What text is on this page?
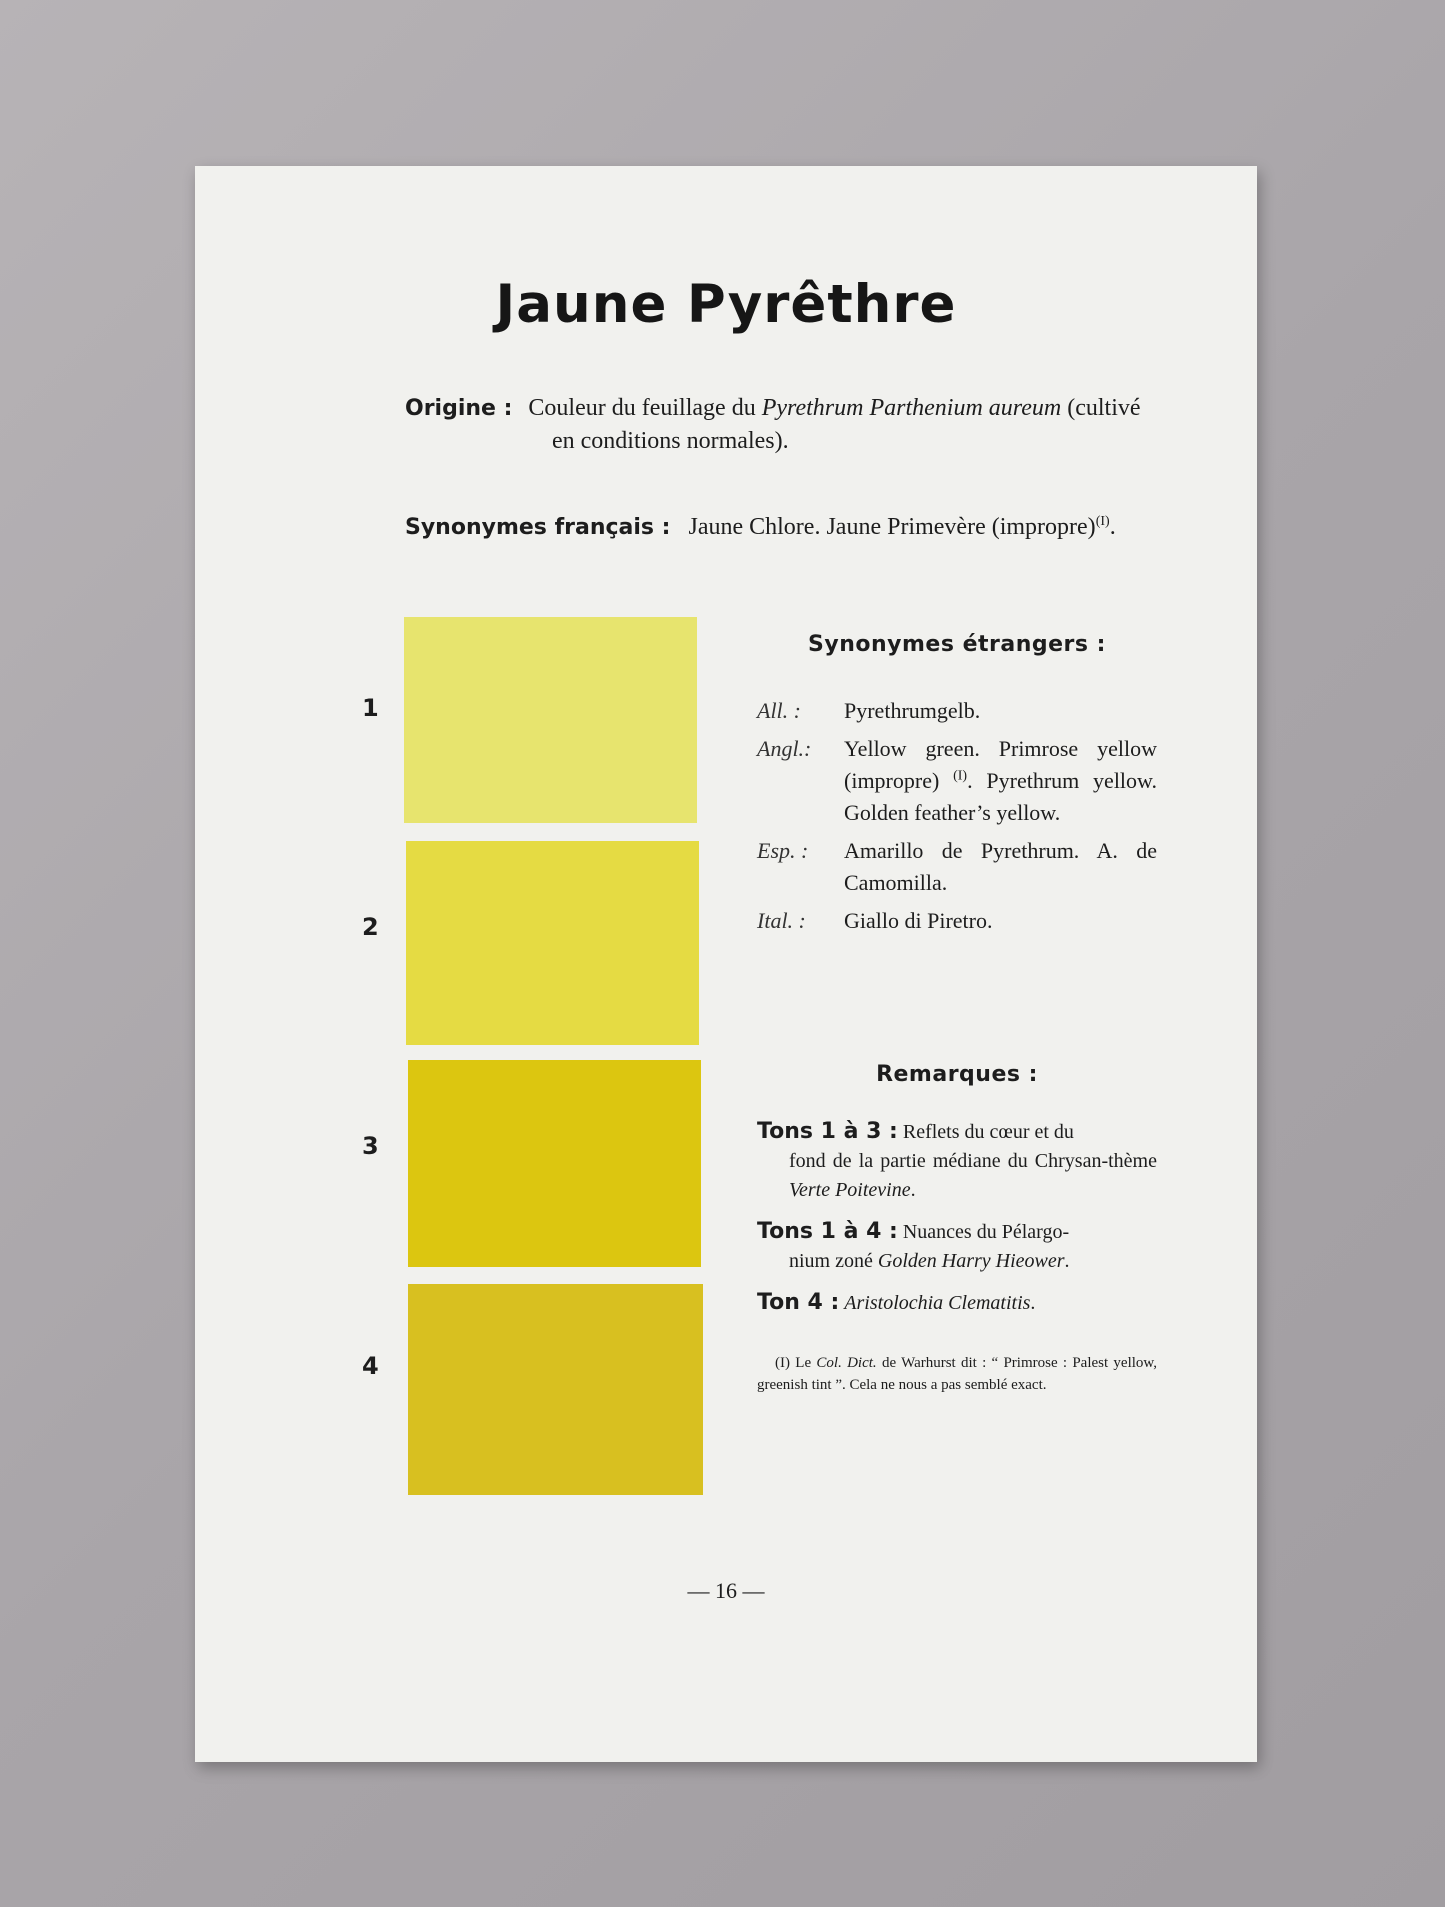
Jaune Pyrêthre
Origine : Couleur du feuillage du Pyrethrum Parthenium aureum (cultivé
en conditions normales).
Synonymes français : Jaune Chlore. Jaune Primevère (impropre)$^{(I)}$.
1
2
3
4
Synonymes étrangers :
All. :	Pyrethrumgelb.
Angl.:	Yellow green. Primrose yellow (impropre) $^{(I)}$. Pyrethrum yellow. Golden feather’s yellow.
Esp. :	Amarillo de Pyrethrum. A. de Camomilla.
Ital. :	Giallo di Piretro.
Remarques :
Tons 1 à 3 : Reflets du cœur et du
fond de la partie médiane du Chrysan-thème Verte Poitevine.
Tons 1 à 4 : Nuances du Pélargo-
nium zoné Golden Harry Hieower.
Ton 4 : Aristolochia Clematitis.
(I) Le Col. Dict. de Warhurst dit : “ Primrose : Palest yellow, greenish tint ”. Cela ne nous a pas semblé exact.
— 16 —
